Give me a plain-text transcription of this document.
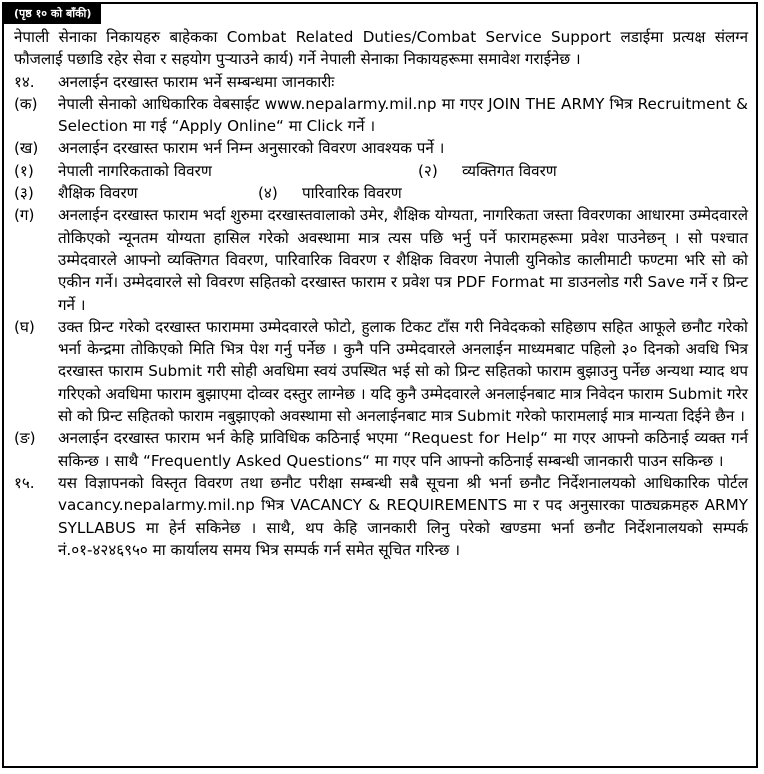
(पृष्ठ १० को बाँकी)

नेपाली सेनाका निकायहरु बाहेकका Combat Related Duties/Combat Service Support लडाईमा प्रत्यक्ष संलग्न फौजलाई पछाडि रहेर सेवा र सहयोग पुऱ्याउने कार्य) गर्ने नेपाली सेनाका निकायहरूमा समावेश गराईनेछ ।

१४.	अनलाईन दरखास्त फाराम भर्ने सम्बन्धमा जानकारीः
(क)	नेपाली सेनाको आधिकारिक वेबसाईट www.nepalarmy.mil.np मा गएर JOIN THE ARMY भित्र Recruitment & Selection मा गई “Apply Online“ मा Click गर्ने ।
(ख)	अनलाईन दरखास्त फाराम भर्न निम्न अनुसारको विवरण आवश्यक पर्ने ।
(१)	नेपाली नागरिकताको विवरण	(२)	व्यक्तिगत विवरण
(३)	शैक्षिक विवरण	(४)	पारिवारिक विवरण
(ग)	अनलाईन दरखास्त फाराम भर्दा शुरुमा दरखास्तवालाको उमेर, शैक्षिक योग्यता, नागरिकता जस्ता विवरणका आधारमा उम्मेदवारले तोकिएको न्यूनतम योग्यता हासिल गरेको अवस्थामा मात्र त्यस पछि भर्नु पर्ने फारामहरूमा प्रवेश पाउनेछन् । सो पश्चात उम्मेदवारले आफ्नो व्यक्तिगत विवरण, पारिवारिक विवरण र शैक्षिक विवरण नेपाली युनिकोड कालीमाटी फण्टमा भरि सो को एकीन गर्ने। उम्मेदवारले सो विवरण सहितको दरखास्त फाराम र प्रवेश पत्र PDF Format मा डाउनलोड गरी Save गर्ने र प्रिन्ट गर्ने ।
(घ)	उक्त प्रिन्ट गरेको दरखास्त फाराममा उम्मेदवारले फोटो, हुलाक टिकट टाँस गरी निवेदकको सहिछाप सहित आफूले छनौट गरेको भर्ना केन्द्रमा तोकिएको मिति भित्र पेश गर्नु पर्नेछ । कुनै पनि उम्मेदवारले अनलाईन माध्यमबाट पहिलो ३० दिनको अवधि भित्र दरखास्त फाराम Submit गरी सोही अवधिमा स्वयं उपस्थित भई सो को प्रिन्ट सहितको फाराम बुझाउनु पर्नेछ अन्यथा म्याद थप गरिएको अवधिमा फाराम बुझाएमा दोव्वर दस्तुर लाग्नेछ । यदि कुनै उम्मेदवारले अनलाईनबाट मात्र निवेदन फाराम Submit गरेर सो को प्रिन्ट सहितको फाराम नबुझाएको अवस्थामा सो अनलाईनबाट मात्र Submit गरेको फारामलाई मात्र मान्यता दिईने छैन ।
(ङ)	अनलाईन दरखास्त फाराम भर्न केहि प्राविधिक कठिनाई भएमा “Request for Help“ मा गएर आफ्नो कठिनाई व्यक्त गर्न सकिन्छ । साथै “Frequently Asked Questions“ मा गएर पनि आफ्नो कठिनाई सम्बन्धी जानकारी पाउन सकिन्छ ।
१५.	यस विज्ञापनको विस्तृत विवरण तथा छनौट परीक्षा सम्बन्धी सबै सूचना श्री भर्ना छनौट निर्देशनालयको आधिकारिक पोर्टल vacancy.nepalarmy.mil.np भित्र VACANCY & REQUIREMENTS मा र पद अनुसारका पाठ्यक्रमहरु ARMY SYLLABUS मा हेर्न सकिनेछ । साथै, थप केहि जानकारी लिनु परेको खण्डमा भर्ना छनौट निर्देशनालयको सम्पर्क नं.०१-४२४६९५० मा कार्यालय समय भित्र सम्पर्क गर्न समेत सूचित गरिन्छ ।
